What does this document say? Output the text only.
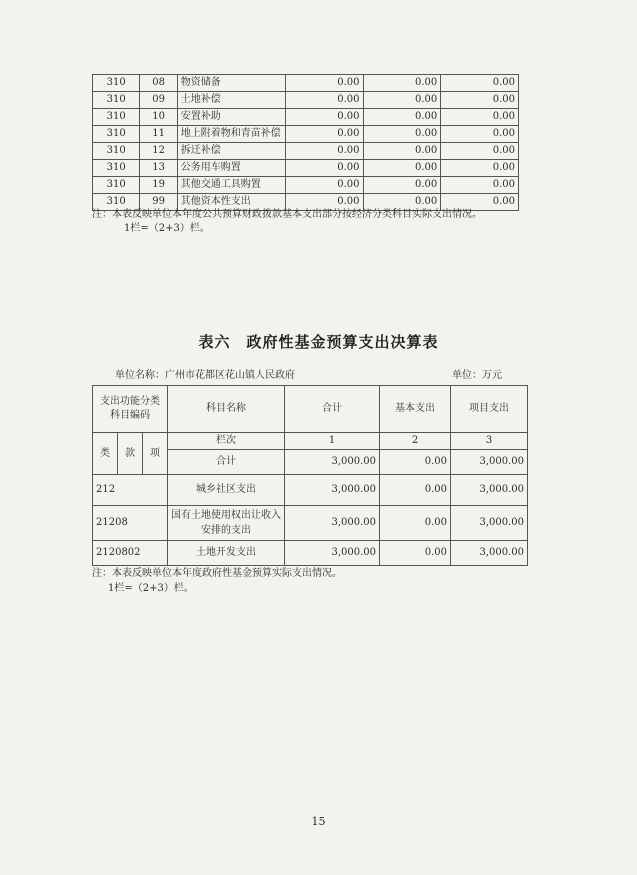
310	08	物资储备	0.00	0.00	0.00
310	09	土地补偿	0.00	0.00	0.00
310	10	安置补助	0.00	0.00	0.00
310	11	地上附着物和青苗补偿	0.00	0.00	0.00
310	12	拆迁补偿	0.00	0.00	0.00
310	13	公务用车购置	0.00	0.00	0.00
310	19	其他交通工具购置	0.00	0.00	0.00
310	99	其他资本性支出	0.00	0.00	0.00
注：本表反映单位本年度公共预算财政拨款基本支出部分按经济分类科目实际支出情况。
1栏=（2+3）栏。
表六　政府性基金预算支出决算表
单位名称：广州市花都区花山镇人民政府	单位：万元
支出功能分类科目编码			科目名称	合计	基本支出	项目支出
类	款	项	栏次	1	2	3
			合计	3,000.00	0.00	3,000.00
212			城乡社区支出	3,000.00	0.00	3,000.00
21208			国有土地使用权出让收入安排的支出	3,000.00	0.00	3,000.00
2120802			土地开发支出	3,000.00	0.00	3,000.00
注：本表反映单位本年度政府性基金预算实际支出情况。
1栏=（2+3）栏。
15
